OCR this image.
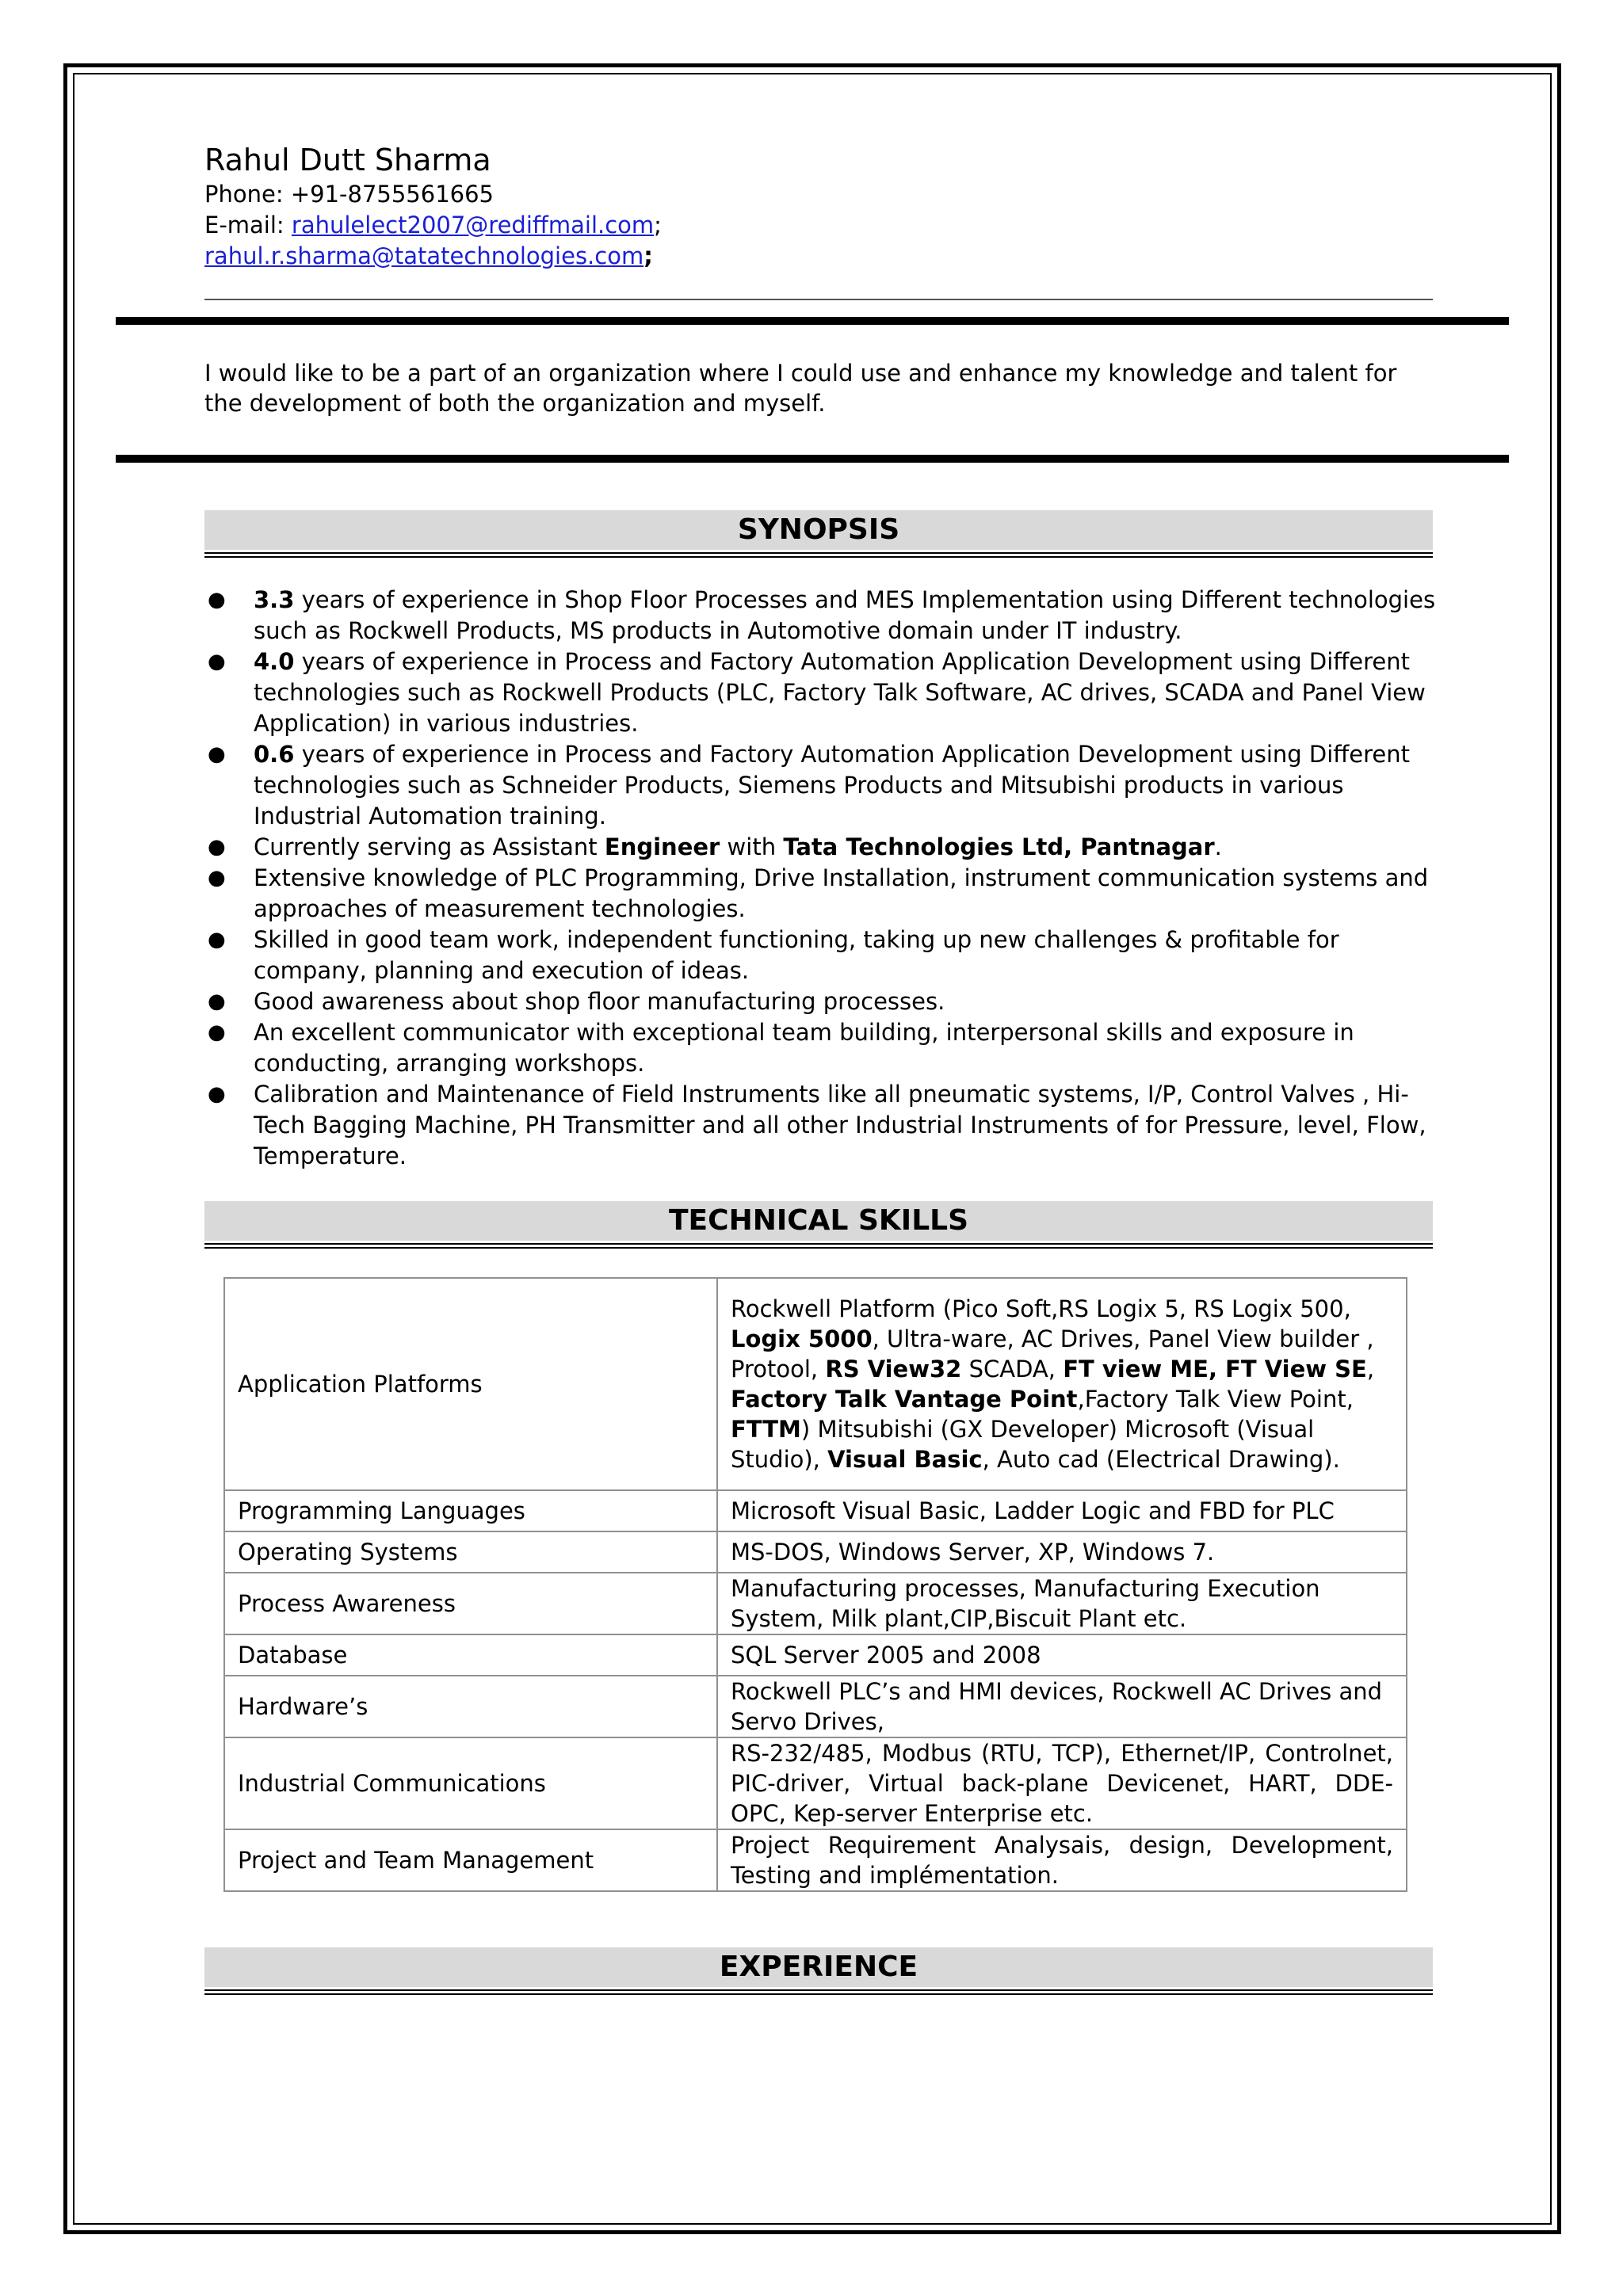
Rahul Dutt Sharma
Phone: +91-8755561665
E-mail: rahulelect2007@rediffmail.com;
rahul.r.sharma@tatatechnologies.com;
I would like to be a part of an organization where I could use and enhance my knowledge and talent for the development of both the organization and myself.
SYNOPSIS
● 3.3 years of experience in Shop Floor Processes and MES Implementation using Different technologies such as Rockwell Products, MS products in Automotive domain under IT industry.
● 4.0 years of experience in Process and Factory Automation Application Development using Different technologies such as Rockwell Products (PLC, Factory Talk Software, AC drives, SCADA and Panel View Application) in various industries.
● 0.6 years of experience in Process and Factory Automation Application Development using Different technologies such as Schneider Products, Siemens Products and Mitsubishi products in various Industrial Automation training.
● Currently serving as Assistant Engineer with Tata Technologies Ltd, Pantnagar.
● Extensive knowledge of PLC Programming, Drive Installation, instrument communication systems and approaches of measurement technologies.
● Skilled in good team work, independent functioning, taking up new challenges & profitable for company, planning and execution of ideas.
● Good awareness about shop floor manufacturing processes.
● An excellent communicator with exceptional team building, interpersonal skills and exposure in conducting, arranging workshops.
● Calibration and Maintenance of Field Instruments like all pneumatic systems, I/P, Control Valves , Hi-Tech Bagging Machine, PH Transmitter and all other Industrial Instruments of for Pressure, level, Flow, Temperature.
TECHNICAL SKILLS
Application Platforms	Rockwell Platform (Pico Soft,RS Logix 5, RS Logix 500, Logix 5000, Ultra-ware, AC Drives, Panel View builder , Protool, RS View32 SCADA, FT view ME, FT View SE, Factory Talk Vantage Point,Factory Talk View Point, FTTM) Mitsubishi (GX Developer) Microsoft (Visual Studio), Visual Basic, Auto cad (Electrical Drawing).
Programming Languages	Microsoft Visual Basic, Ladder Logic and FBD for PLC
Operating Systems	MS-DOS, Windows Server, XP, Windows 7.
Process Awareness	Manufacturing processes, Manufacturing Execution System, Milk plant,CIP,Biscuit Plant etc.
Database	SQL Server 2005 and 2008
Hardware’s	Rockwell PLC’s and HMI devices, Rockwell AC Drives and Servo Drives,
Industrial Communications	RS-232/485, Modbus (RTU, TCP), Ethernet/IP, Controlnet, PIC-driver, Virtual back-plane Devicenet, HART, DDE-OPC, Kep-server Enterprise etc.
Project and Team Management	Project Requirement Analysais, design, Development, Testing and implémentation.
EXPERIENCE
